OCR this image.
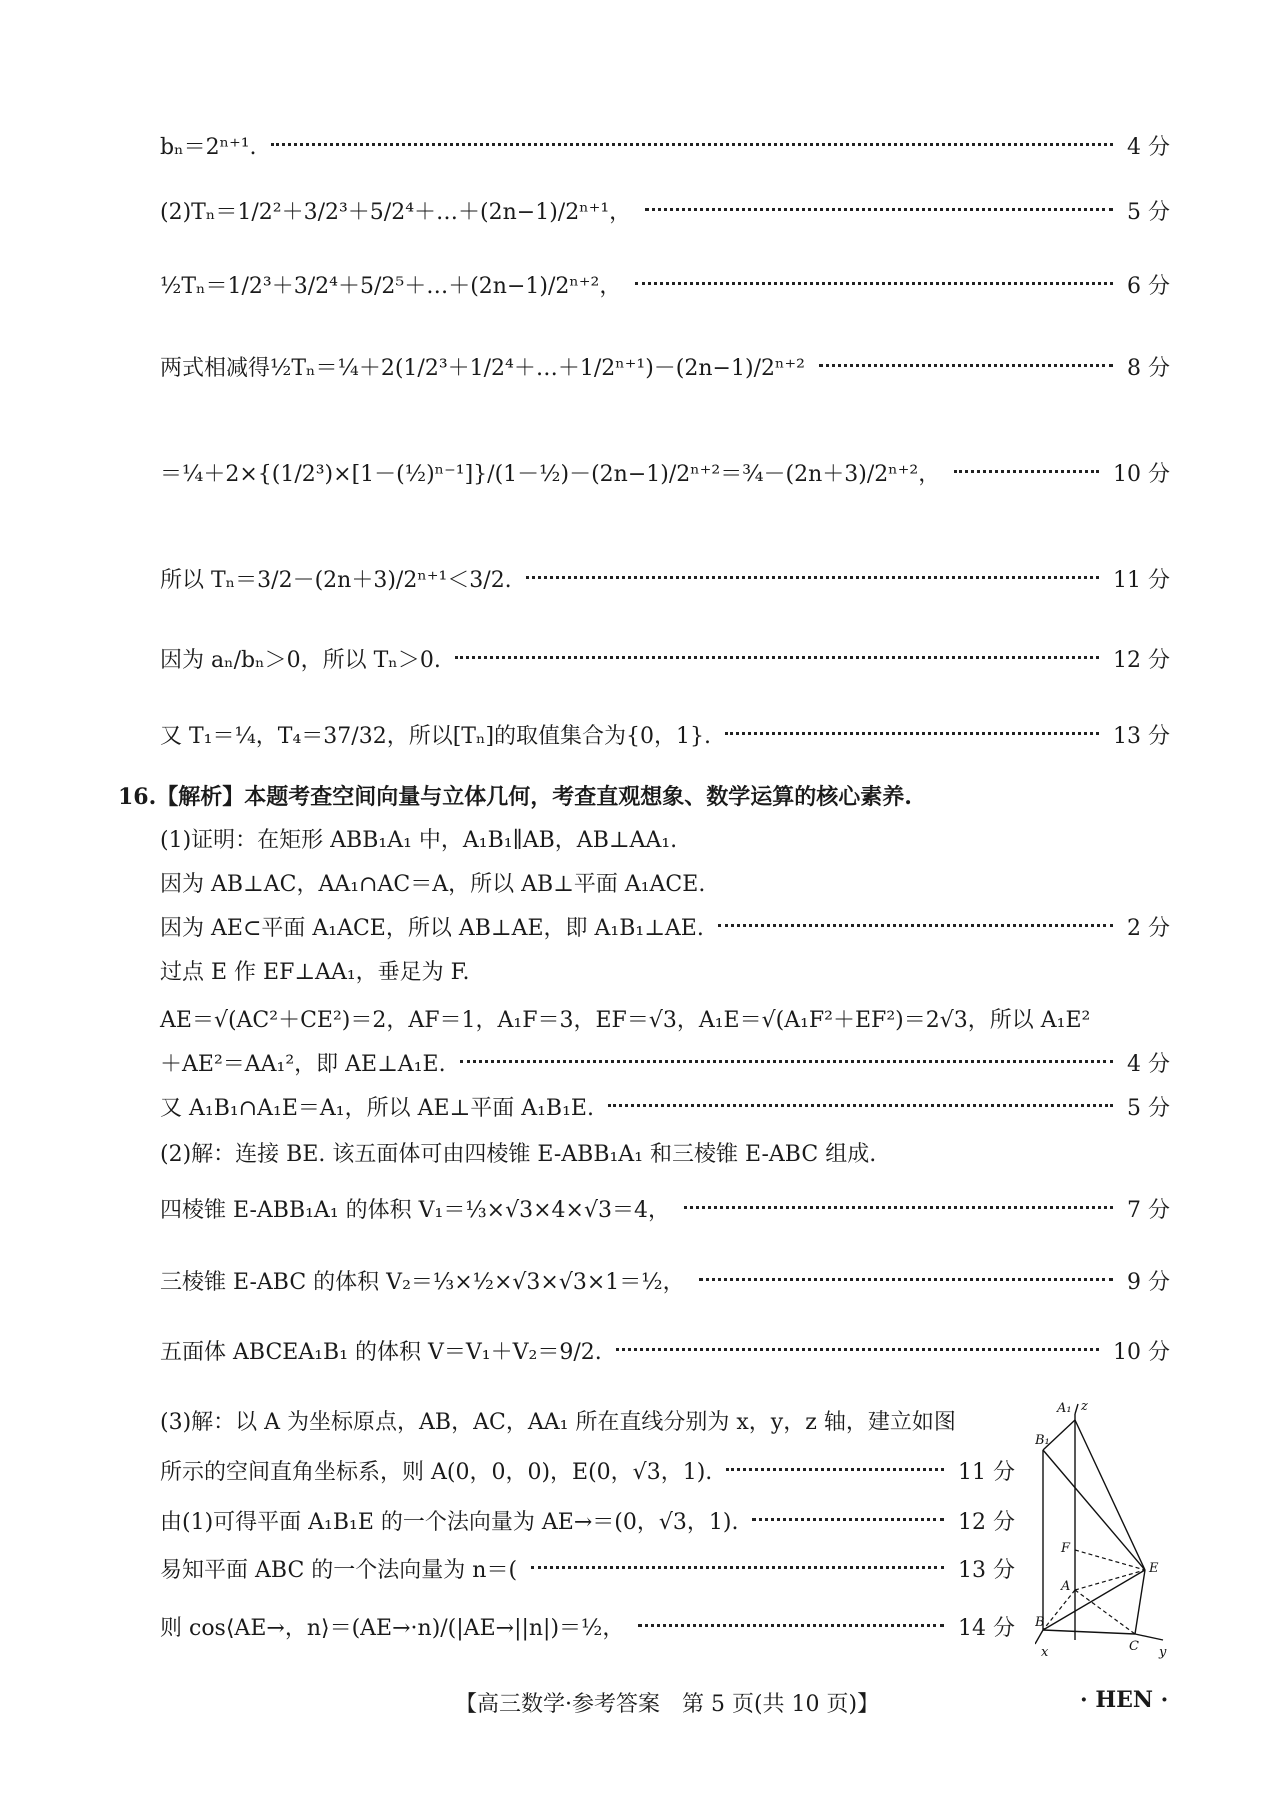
bₙ＝2ⁿ⁺¹.	4 分
(2)Tₙ＝1/2²＋3/2³＋5/2⁴＋…＋(2n−1)/2ⁿ⁺¹，	5 分
½Tₙ＝1/2³＋3/2⁴＋5/2⁵＋…＋(2n−1)/2ⁿ⁺²，	6 分
两式相减得½Tₙ＝¼＋2(1/2³＋1/2⁴＋…＋1/2ⁿ⁺¹)－(2n−1)/2ⁿ⁺²	8 分
＝¼＋2×{(1/2³)×[1－(½)ⁿ⁻¹]}/(1－½)－(2n−1)/2ⁿ⁺²＝¾－(2n＋3)/2ⁿ⁺²，	10 分
所以 Tₙ＝3/2－(2n＋3)/2ⁿ⁺¹＜3/2.	11 分
因为 aₙ/bₙ＞0，所以 Tₙ＞0.	12 分
又 T₁＝¼，T₄＝37/32，所以[Tₙ]的取值集合为{0，1}.	13 分
16.【解析】本题考查空间向量与立体几何，考查直观想象、数学运算的核心素养.
(1)证明：在矩形 ABB₁A₁ 中，A₁B₁∥AB，AB⊥AA₁.
因为 AB⊥AC，AA₁∩AC＝A，所以 AB⊥平面 A₁ACE.
因为 AE⊂平面 A₁ACE，所以 AB⊥AE，即 A₁B₁⊥AE.	2 分
过点 E 作 EF⊥AA₁，垂足为 F.
AE＝√(AC²＋CE²)＝2，AF＝1，A₁F＝3，EF＝√3，A₁E＝√(A₁F²＋EF²)＝2√3，所以 A₁E²
＋AE²＝AA₁²，即 AE⊥A₁E.	4 分
又 A₁B₁∩A₁E＝A₁，所以 AE⊥平面 A₁B₁E.	5 分
(2)解：连接 BE. 该五面体可由四棱锥 E-ABB₁A₁ 和三棱锥 E-ABC 组成.
四棱锥 E-ABB₁A₁ 的体积 V₁＝⅓×√3×4×√3＝4，	7 分
三棱锥 E-ABC 的体积 V₂＝⅓×½×√3×√3×1＝½，	9 分
五面体 ABCEA₁B₁ 的体积 V＝V₁＋V₂＝9/2.	10 分
(3)解：以 A 为坐标原点，AB，AC，AA₁ 所在直线分别为 x，y，z 轴，建立如图
所示的空间直角坐标系，则 A(0，0，0)，E(0，√3，1).	11 分
由(1)可得平面 A₁B₁E 的一个法向量为 AE→＝(0，√3，1).	12 分
易知平面 ABC 的一个法向量为 n＝(	13 分
则 cos⟨AE→，n⟩＝(AE→·n)/(|AE→||n|)＝½，	14 分
A₁ z
B₁
F
E
A
B
C
x	y
【高三数学·参考答案　第 5 页(共 10 页)】	· HEN ·
